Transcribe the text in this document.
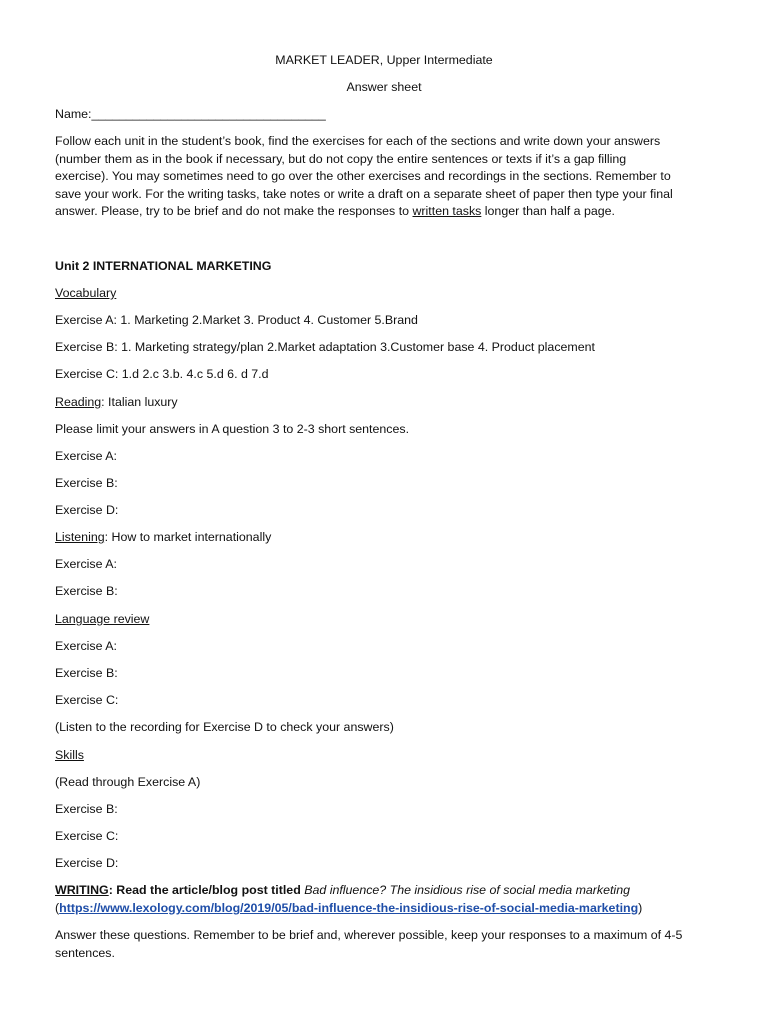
MARKET LEADER, Upper Intermediate
Answer sheet
Name:__________________________________
Follow each unit in the student’s book, find the exercises for each of the sections and write down your answers
(number them as in the book if necessary, but do not copy the entire sentences or texts if it’s a gap filling
exercise). You may sometimes need to go over the other exercises and recordings in the sections. Remember to
save your work. For the writing tasks, take notes or write a draft on a separate sheet of paper then type your final
answer. Please, try to be brief and do not make the responses to written tasks longer than half a page.
Unit 2 INTERNATIONAL MARKETING
Vocabulary
Exercise A: 1. Marketing 2.Market 3. Product 4. Customer 5.Brand
Exercise B: 1. Marketing strategy/plan 2.Market adaptation 3.Customer base 4. Product placement
Exercise C: 1.d 2.c 3.b. 4.c 5.d 6. d 7.d
Reading: Italian luxury
Please limit your answers in A question 3 to 2-3 short sentences.
Exercise A:
Exercise B:
Exercise D:
Listening: How to market internationally
Exercise A:
Exercise B:
Language review
Exercise A:
Exercise B:
Exercise C:
(Listen to the recording for Exercise D to check your answers)
Skills
(Read through Exercise A)
Exercise B:
Exercise C:
Exercise D:
WRITING: Read the article/blog post titled Bad influence? The insidious rise of social media marketing
(https://www.lexology.com/blog/2019/05/bad-influence-the-insidious-rise-of-social-media-marketing)
Answer these questions. Remember to be brief and, wherever possible, keep your responses to a maximum of 4-5
sentences.
